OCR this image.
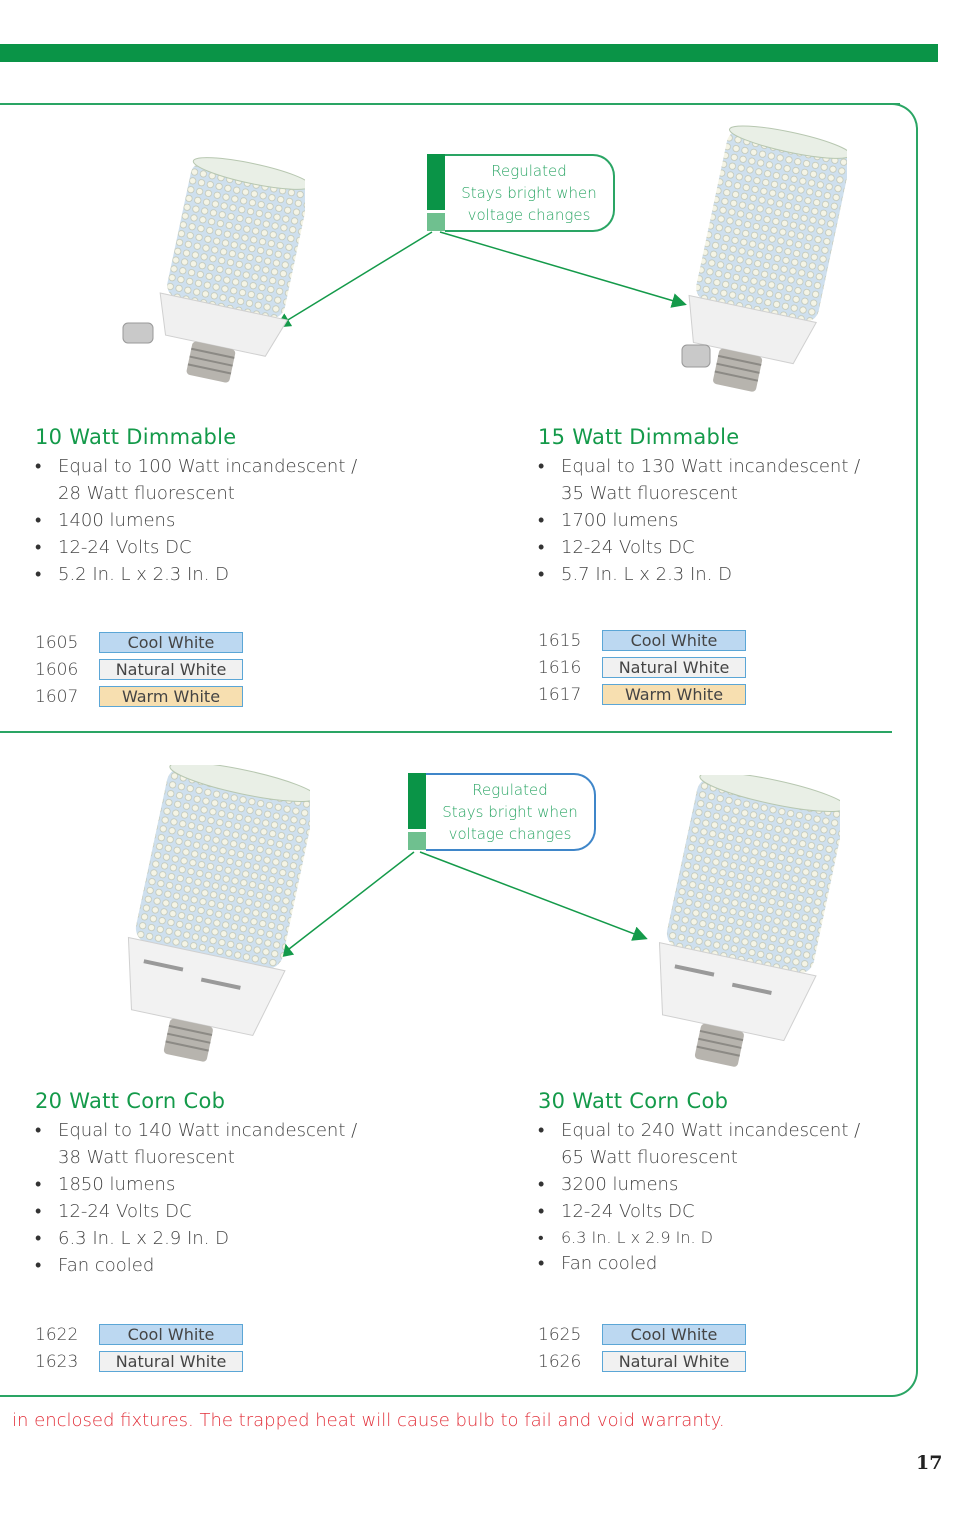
Regulated
Stays bright when
voltage changes
Regulated
Stays bright when
voltage changes
10 Watt Dimmable
• Equal to 100 Watt incandescent /
28 Watt fluorescent
• 1400 lumens
• 12-24 Volts DC
• 5.2 In. L x 2.3 In. D
1605	Cool White
1606	Natural White
1607	Warm White
15 Watt Dimmable
• Equal to 130 Watt incandescent /
35 Watt fluorescent
• 1700 lumens
• 12-24 Volts DC
• 5.7 In. L x 2.3 In. D
1615	Cool White
1616	Natural White
1617	Warm White
20 Watt Corn Cob
• Equal to 140 Watt incandescent /
38 Watt fluorescent
• 1850 lumens
• 12-24 Volts DC
• 6.3 In. L x 2.9 In. D
• Fan cooled
1622	Cool White
1623	Natural White
30 Watt Corn Cob
• Equal to 240 Watt incandescent /
65 Watt fluorescent
• 3200 lumens
• 12-24 Volts DC
• 6.3 In. L x 2.9 In. D
• Fan cooled
1625	Cool White
1626	Natural White
in enclosed fixtures. The trapped heat will cause bulb to fail and void warranty.
17
